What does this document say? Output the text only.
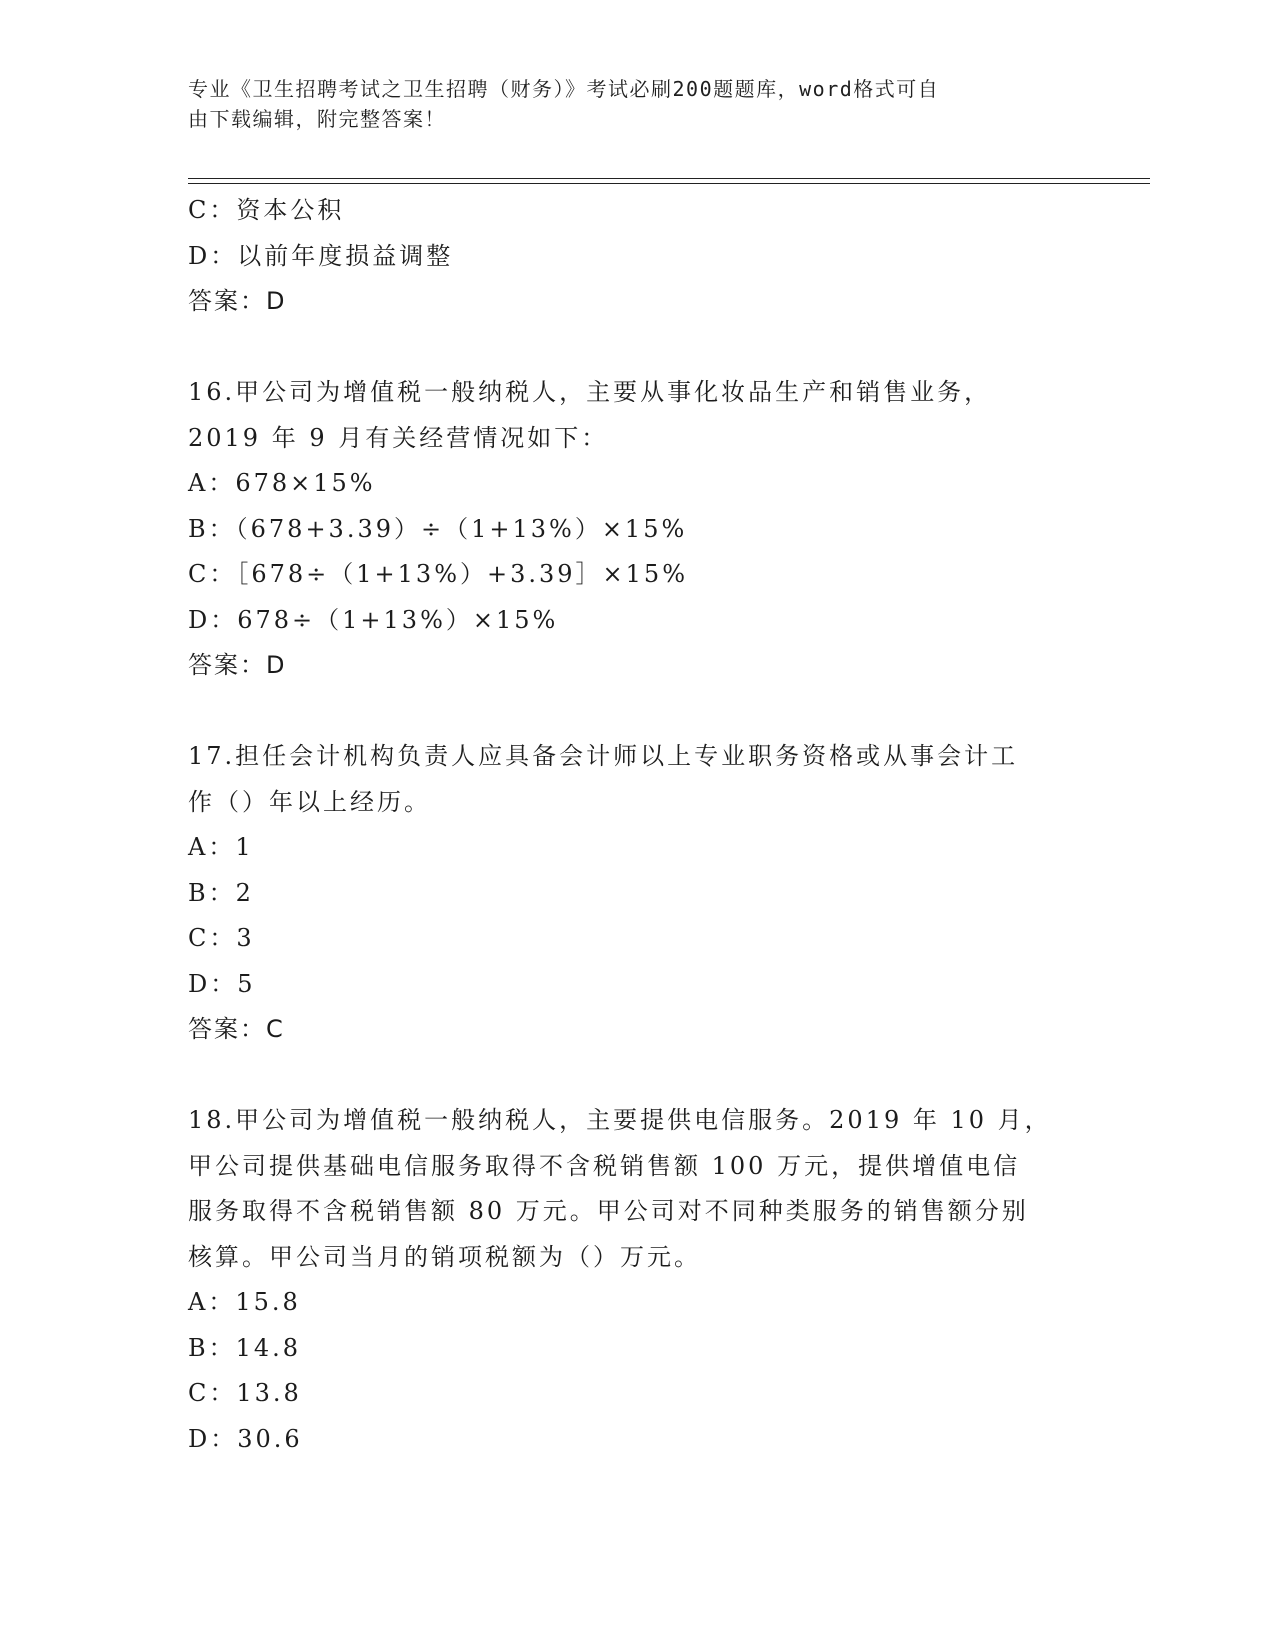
专业《卫生招聘考试之卫生招聘（财务）》考试必刷200题题库，word格式可自
由下载编辑，附完整答案！
C：资本公积
D：以前年度损益调整
答案：D
16.甲公司为增值税一般纳税人，主要从事化妆品生产和销售业务，
2019 年 9 月有关经营情况如下：
A：678×15%
B：（678+3.39）÷（1+13%）×15%
C：［678÷（1+13%）+3.39］×15%
D：678÷（1+13%）×15%
答案：D
17.担任会计机构负责人应具备会计师以上专业职务资格或从事会计工
作（）年以上经历。
A：1
B：2
C：3
D：5
答案：C
18.甲公司为增值税一般纳税人，主要提供电信服务。2019 年 10 月，
甲公司提供基础电信服务取得不含税销售额 100 万元，提供增值电信
服务取得不含税销售额 80 万元。甲公司对不同种类服务的销售额分别
核算。甲公司当月的销项税额为（）万元。
A：15.8
B：14.8
C：13.8
D：30.6
